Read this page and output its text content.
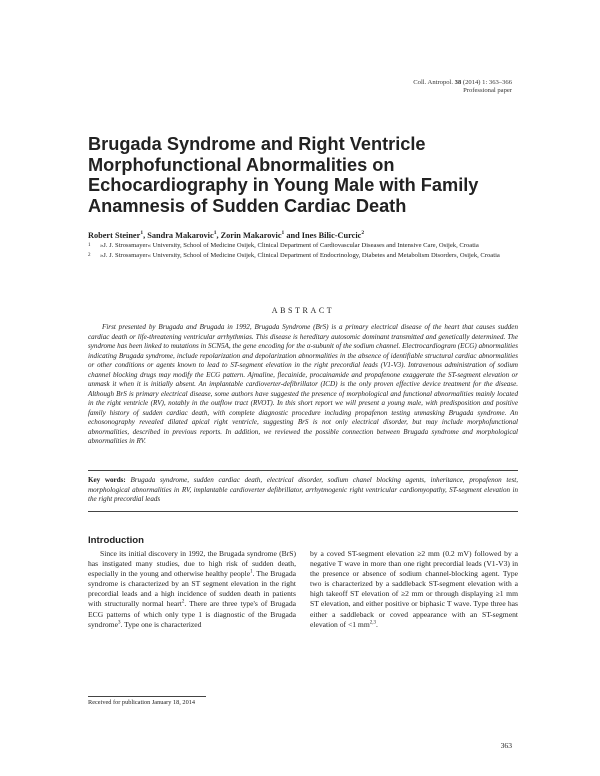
Coll. Antropol. 38 (2014) 1: 363–366
Professional paper
Brugada Syndrome and Right Ventricle Morphofunctional Abnormalities on Echocardiography in Young Male with Family Anamnesis of Sudden Cardiac Death
Robert Steiner$^1$, Sandra Makarovic$^1$, Zorin Makarovic$^1$ and Ines Bilic-Curcic$^2$
1	»J. J. Strossmayer« University, School of Medicine Osijek, Clinical Department of Cardiovascular Diseases and Intensive Care, Osijek, Croatia
2	»J. J. Strossmayer« University, School of Medicine Osijek, Clinical Department of Endocrinology, Diabetes and Metabolism Disorders, Osijek, Croatia
ABSTRACT

First presented by Brugada and Brugada in 1992, Brugada Syndrome (BrS) is a primary electrical disease of the heart that causes sudden cardiac death or life-threatening ventricular arrhythmias. This disease is hereditary autosomic dominant transmitted and genetically determined. The syndrome has been linked to mutations in SCN5A, the gene encoding for the α-subunit of the sodium channel. Electrocardiogram (ECG) abnormalities indicating Brugada syndrome, include repolarization and depolarization abnormalities in the absence of identifiable structural cardiac abnormalities or other conditions or agents known to lead to ST-segment elevation in the right precordial leads (V1-V3). Intravenous administration of sodium channel blocking drugs may modify the ECG pattern. Ajmaline, flecainide, procainamide and propafenone exaggerate the ST-segment elevation or unmask it when it is initially absent. An implantable cardioverter-defibrillator (ICD) is the only proven effective device treatment for the disease. Although BrS is primary electrical disease, some authors have suggested the presence of morphological and functional abnormalities mainly located in the right ventricle (RV), notably in the outflow tract (RVOT). In this short report we will present a young male, with predisposition and positive family history of sudden cardiac death, with complete diagnostic procedure including propafenon testing unmasking Brugada syndrome. An echosonography revealed dilated apical right ventricle, suggesting BrS is not only electrical disorder, but may include morphofunctional abnormalities, described in previous reports. In addition, we reviewed the possible connection between Brugada syndrome and morphological abnormalities in RV.

Key words: Brugada syndrome, sudden cardiac death, electrical disorder, sodium chanel blocking agents, inheritance, propafenon test, morphological abnormalities in RV, implantable cardioverter defibrillator, arrhytmogenic right ventricular cardiomyopathy, ST-segment elevation in the right precordial leads

Introduction

Since its initial discovery in 1992, the Brugada syndrome (BrS) has instigated many studies, due to high risk of sudden death, especially in the young and otherwise healthy people$^1$. The Brugada syndrome is characterized by an ST segment elevation in the right precordial leads and a high incidence of sudden death in patients with structurally normal heart$^2$. There are three type's of Brugada ECG patterns of which only type 1 is diagnostic of the Brugada syndrome$^3$. Type one is characterized

by a coved ST-segment elevation ≥2 mm (0.2 mV) followed by a negative T wave in more than one right precordial leads (V1-V3) in the presence or absence of sodium channel-blocking agent. Type two is characterized by a saddleback ST-segment elevation with a high takeoff ST elevation of ≥2 mm or through displaying ≥1 mm ST elevation, and either positive or biphasic T wave. Type three has either a saddleback or coved appearance with an ST-segment elevation of <1 mm$^{2,3}$.

Received for publication January 18, 2014
363
